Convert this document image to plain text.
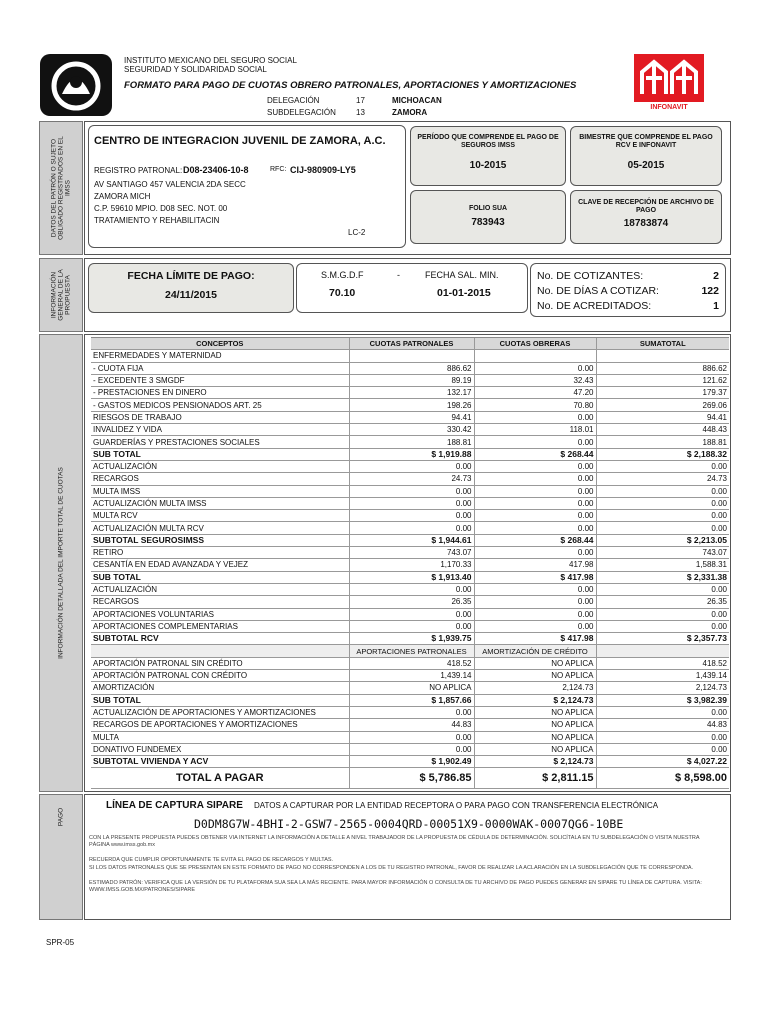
INSTITUTO MEXICANO DEL SEGURO SOCIAL
SEGURIDAD Y SOLIDARIDAD SOCIAL
FORMATO PARA PAGO DE CUOTAS OBRERO PATRONALES, APORTACIONES Y AMORTIZACIONES
DELEGACIÓN	17	MICHOACAN
SUBDELEGACIÓN	13	ZAMORA
INFONAVIT
DATOS DEL PATRÓN O SUJETO OBLIGADO REGISTRADOS EN EL IMSS
CENTRO DE INTEGRACION JUVENIL DE ZAMORA, A.C.
REGISTRO PATRONAL: D08-23406-10-8	RFC: CIJ-980909-LY5
AV SANTIAGO 457 VALENCIA 2DA SECC
ZAMORA MICH
C.P. 59610 MPIO. D08 SEC. NOT. 00
TRATAMIENTO Y REHABILITACIN
LC-2
PERÍODO QUE COMPRENDE EL PAGO DE SEGUROS IMSS
10-2015
BIMESTRE QUE COMPRENDE EL PAGO RCV E INFONAVIT
05-2015
FOLIO SUA
783943
CLAVE DE RECEPCIÓN DE ARCHIVO DE PAGO
18783874
INFORMACIÓN GENERAL DE LA PROPUESTA	FECHA LÍMITE DE PAGO:
24/11/2015
S.M.G.D.F	-	FECHA SAL. MIN.
70.10	01-01-2015
No. DE COTIZANTES:	2
No. DE DÍAS A COTIZAR:	122
No. DE ACREDITADOS:	1
INFORMACIÓN DETALLADA DEL IMPORTE TOTAL DE CUOTAS
CONCEPTOS	CUOTAS PATRONALES	CUOTAS OBRERAS	SUMATOTAL
ENFERMEDADES Y MATERNIDAD			
- CUOTA FIJA	886.62	0.00	886.62
- EXCEDENTE 3 SMGDF	89.19	32.43	121.62
- PRESTACIONES EN DINERO	132.17	47.20	179.37
- GASTOS MEDICOS PENSIONADOS ART. 25	198.26	70.80	269.06
RIESGOS DE TRABAJO	94.41	0.00	94.41
INVALIDEZ Y VIDA	330.42	118.01	448.43
GUARDERÍAS Y PRESTACIONES SOCIALES	188.81	0.00	188.81
SUB TOTAL	$ 1,919.88	$ 268.44	$ 2,188.32
ACTUALIZACIÓN	0.00	0.00	0.00
RECARGOS	24.73	0.00	24.73
MULTA IMSS	0.00	0.00	0.00
ACTUALIZACIÓN MULTA IMSS	0.00	0.00	0.00
MULTA RCV	0.00	0.00	0.00
ACTUALIZACIÓN MULTA RCV	0.00	0.00	0.00
SUBTOTAL SEGUROSIMSS	$ 1,944.61	$ 268.44	$ 2,213.05
RETIRO	743.07	0.00	743.07
CESANTÍA EN EDAD AVANZADA Y VEJEZ	1,170.33	417.98	1,588.31
SUB TOTAL	$ 1,913.40	$ 417.98	$ 2,331.38
ACTUALIZACIÓN	0.00	0.00	0.00
RECARGOS	26.35	0.00	26.35
APORTACIONES VOLUNTARIAS	0.00	0.00	0.00
APORTACIONES COMPLEMENTARIAS	0.00	0.00	0.00
SUBTOTAL RCV	$ 1,939.75	$ 417.98	$ 2,357.73
	APORTACIONES PATRONALES	AMORTIZACIÓN DE CRÉDITO	
APORTACIÓN PATRONAL SIN CRÉDITO	418.52	NO APLICA	418.52
APORTACIÓN PATRONAL CON CRÉDITO	1,439.14	NO APLICA	1,439.14
AMORTIZACIÓN	NO APLICA	2,124.73	2,124.73
SUB TOTAL	$ 1,857.66	$ 2,124.73	$ 3,982.39
ACTUALIZACIÓN DE APORTACIONES Y AMORTIZACIONES	0.00	NO APLICA	0.00
RECARGOS DE APORTACIONES Y AMORTIZACIONES	44.83	NO APLICA	44.83
MULTA	0.00	NO APLICA	0.00
DONATIVO FUNDEMEX	0.00	NO APLICA	0.00
SUBTOTAL VIVIENDA Y ACV	$ 1,902.49	$ 2,124.73	$ 4,027.22
TOTAL A PAGAR	$ 5,786.85	$ 2,811.15	$ 8,598.00
PAGO
LÍNEA DE CAPTURA SIPARE DATOS A CAPTURAR POR LA ENTIDAD RECEPTORA O PARA PAGO CON TRANSFERENCIA ELECTRÓNICA
D0DM8G7W-4BHI-2-GSW7-2565-0004QRD-00051X9-0000WAK-0007QG6-10BE
CON LA PRESENTE PROPUESTA PUEDES OBTENER VIA INTERNET LA INFORMACIÓN A DETALLE A NIVEL TRABAJADOR DE LA PROPUESTA DE CÉDULA DE DETERMINACIÓN. SOLICÍTALA EN TU SUBDELEGACIÓN O VISITA NUESTRA PÁGINA www.imss.gob.mx
RECUERDA QUE CUMPLIR OPORTUNAMENTE TE EVITA EL PAGO DE RECARGOS Y MULTAS.
SI LOS DATOS PATRONALES QUE SE PRESENTAN EN ESTE FORMATO DE PAGO NO CORRESPONDEN A LOS DE TU REGISTRO PATRONAL, FAVOR DE REALIZAR LA ACLARACIÓN EN LA SUBDELEGACIÓN QUE TE CORRESPONDA.
ESTIMADO PATRÓN: VERIFICA QUE LA VERSIÓN DE TU PLATAFORMA SUA SEA LA MÁS RECIENTE. PARA MAYOR INFORMACIÓN O CONSULTA DE TU ARCHIVO DE PAGO PUEDES GENERAR EN SIPARE TU LÍNEA DE CAPTURA. VISITA: WWW.IMSS.GOB.MX/PATRONES/SIPARE
SPR-05
